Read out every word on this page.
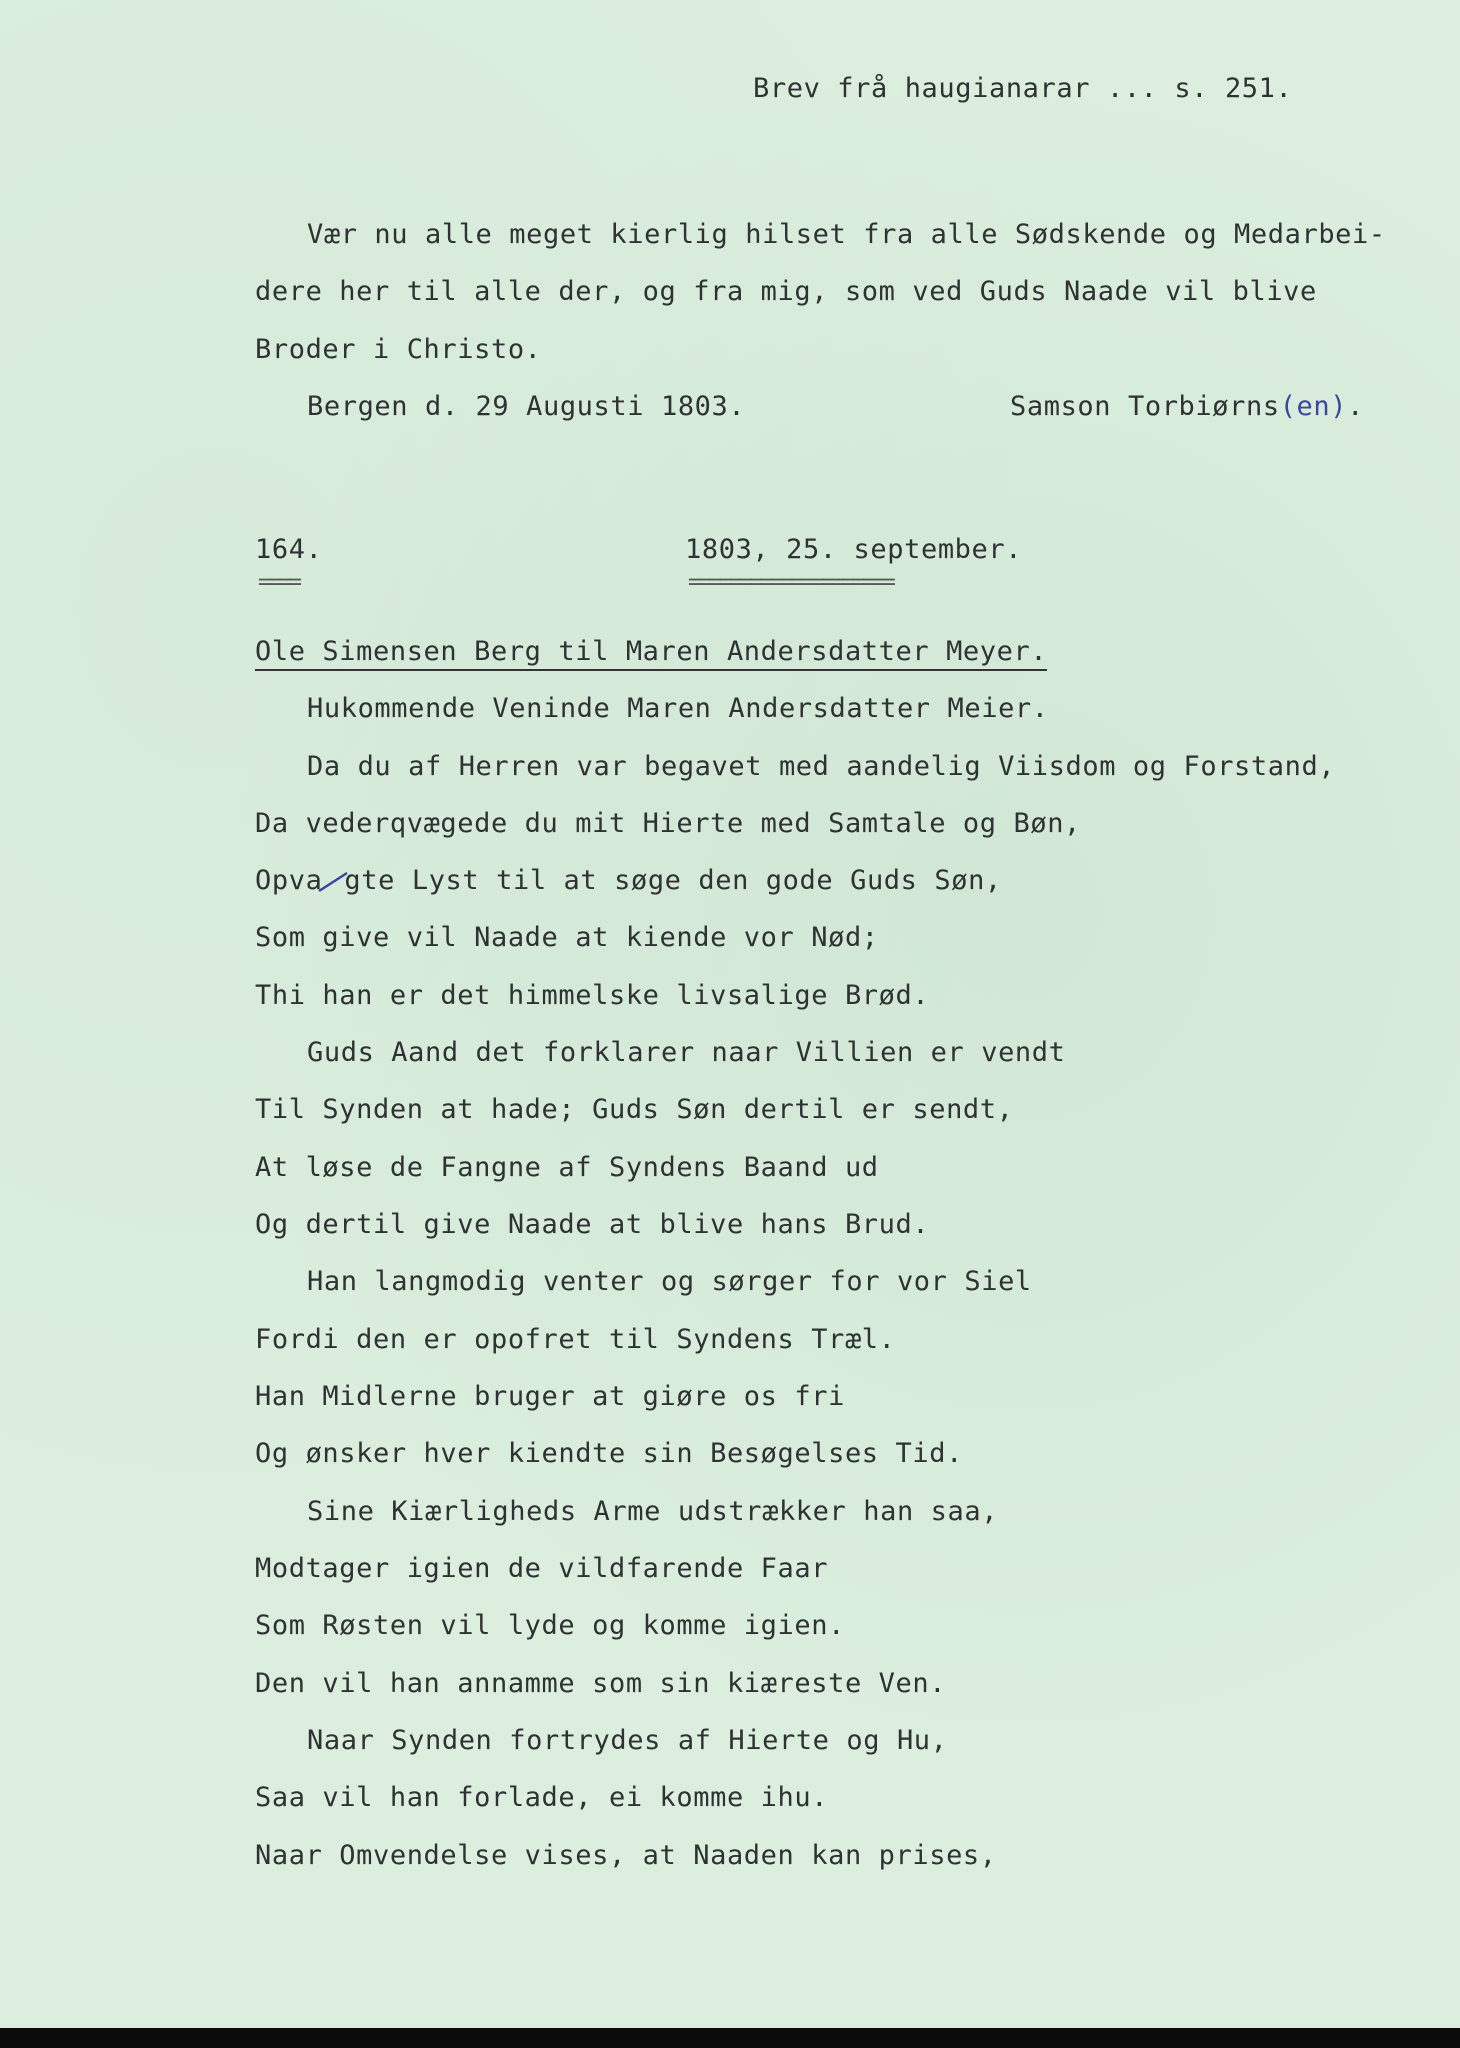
Brev frå haugianarar ... s. 251.
Vær nu alle meget kierlig hilset fra alle Sødskende og Medarbei-
dere her til alle der, og fra mig, som ved Guds Naade vil blive
Broder i Christo.
Bergen d. 29 Augusti 1803.	Samson Torbiørns(en).
164.
====
1803, 25. september.
====================
Ole Simensen Berg til Maren Andersdatter Meyer.
Hukommende Veninde Maren Andersdatter Meier.
Da du af Herren var begavet med aandelig Viisdom og Forstand,
Da vederqvægede du mit Hierte med Samtale og Bøn,
Opva gte Lyst til at søge den gode Guds Søn,
Som give vil Naade at kiende vor Nød;
Thi han er det himmelske livsalige Brød.
Guds Aand det forklarer naar Villien er vendt
Til Synden at hade; Guds Søn dertil er sendt,
At løse de Fangne af Syndens Baand ud
Og dertil give Naade at blive hans Brud.
Han langmodig venter og sørger for vor Siel
Fordi den er opofret til Syndens Træl.
Han Midlerne bruger at giøre os fri
Og ønsker hver kiendte sin Besøgelses Tid.
Sine Kiærligheds Arme udstrækker han saa,
Modtager igien de vildfarende Faar
Som Røsten vil lyde og komme igien.
Den vil han annamme som sin kiæreste Ven.
Naar Synden fortrydes af Hierte og Hu,
Saa vil han forlade, ei komme ihu.
Naar Omvendelse vises, at Naaden kan prises,
